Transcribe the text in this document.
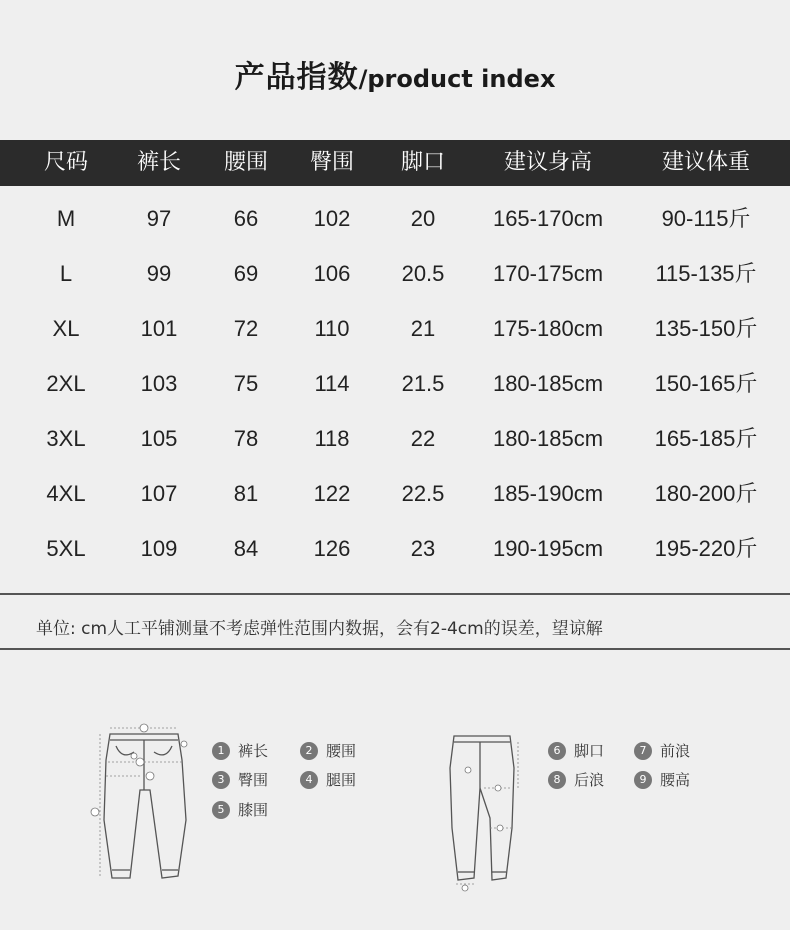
产品指数/product index
尺码	裤长	腰围	臀围	脚口	建议身高	建议体重
M	97	66	102	20	165-170cm	90-115斤
L	99	69	106	20.5	170-175cm	115-135斤
XL	101	72	110	21	175-180cm	135-150斤
2XL	103	75	114	21.5	180-185cm	150-165斤
3XL	105	78	118	22	180-185cm	165-185斤
4XL	107	81	122	22.5	185-190cm	180-200斤
5XL	109	84	126	23	190-195cm	195-220斤
单位: cm人工平铺测量不考虑弹性范围内数据，会有2-4cm的误差，望谅解
1 裤长	2 腰围
3 臀围	4 腿围
5 膝围
6 脚口	7 前浪
8 后浪	9 腰高
